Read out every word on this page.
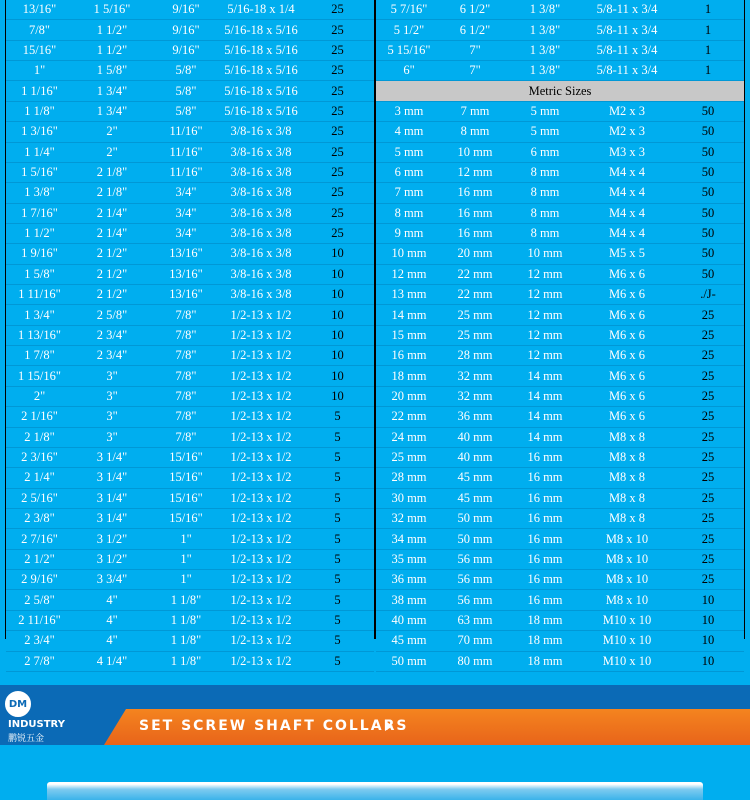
13/16"	1 5/16"	9/16"	5/16-18 x 1/4	25
7/8"	1 1/2"	9/16"	5/16-18 x 5/16	25
15/16"	1 1/2"	9/16"	5/16-18 x 5/16	25
1"	1 5/8"	5/8"	5/16-18 x 5/16	25
1 1/16"	1 3/4"	5/8"	5/16-18 x 5/16	25
1 1/8"	1 3/4"	5/8"	5/16-18 x 5/16	25
1 3/16"	2"	11/16"	3/8-16 x 3/8	25
1 1/4"	2"	11/16"	3/8-16 x 3/8	25
1 5/16"	2 1/8"	11/16"	3/8-16 x 3/8	25
1 3/8"	2 1/8"	3/4"	3/8-16 x 3/8	25
1 7/16"	2 1/4"	3/4"	3/8-16 x 3/8	25
1 1/2"	2 1/4"	3/4"	3/8-16 x 3/8	25
1 9/16"	2 1/2"	13/16"	3/8-16 x 3/8	10
1 5/8"	2 1/2"	13/16"	3/8-16 x 3/8	10
1 11/16"	2 1/2"	13/16"	3/8-16 x 3/8	10
1 3/4"	2 5/8"	7/8"	1/2-13 x 1/2	10
1 13/16"	2 3/4"	7/8"	1/2-13 x 1/2	10
1 7/8"	2 3/4"	7/8"	1/2-13 x 1/2	10
1 15/16"	3"	7/8"	1/2-13 x 1/2	10
2"	3"	7/8"	1/2-13 x 1/2	10
2 1/16"	3"	7/8"	1/2-13 x 1/2	5
2 1/8"	3"	7/8"	1/2-13 x 1/2	5
2 3/16"	3 1/4"	15/16"	1/2-13 x 1/2	5
2 1/4"	3 1/4"	15/16"	1/2-13 x 1/2	5
2 5/16"	3 1/4"	15/16"	1/2-13 x 1/2	5
2 3/8"	3 1/4"	15/16"	1/2-13 x 1/2	5
2 7/16"	3 1/2"	1"	1/2-13 x 1/2	5
2 1/2"	3 1/2"	1"	1/2-13 x 1/2	5
2 9/16"	3 3/4"	1"	1/2-13 x 1/2	5
2 5/8"	4"	1 1/8"	1/2-13 x 1/2	5
2 11/16"	4"	1 1/8"	1/2-13 x 1/2	5
2 3/4"	4"	1 1/8"	1/2-13 x 1/2	5
2 7/8"	4 1/4"	1 1/8"	1/2-13 x 1/2	5
5 7/16"	6 1/2"	1 3/8"	5/8-11 x 3/4	1
5 1/2"	6 1/2"	1 3/8"	5/8-11 x 3/4	1
5 15/16"	7"	1 3/8"	5/8-11 x 3/4	1
6"	7"	1 3/8"	5/8-11 x 3/4	1
Metric Sizes				
3 mm	7 mm	5 mm	M2 x 3	50
4 mm	8 mm	5 mm	M2 x 3	50
5 mm	10 mm	6 mm	M3 x 3	50
6 mm	12 mm	8 mm	M4 x 4	50
7 mm	16 mm	8 mm	M4 x 4	50
8 mm	16 mm	8 mm	M4 x 4	50
9 mm	16 mm	8 mm	M4 x 4	50
10 mm	20 mm	10 mm	M5 x 5	50
12 mm	22 mm	12 mm	M6 x 6	50
13 mm	22 mm	12 mm	M6 x 6	./J-
14 mm	25 mm	12 mm	M6 x 6	25
15 mm	25 mm	12 mm	M6 x 6	25
16 mm	28 mm	12 mm	M6 x 6	25
18 mm	32 mm	14 mm	M6 x 6	25
20 mm	32 mm	14 mm	M6 x 6	25
22 mm	36 mm	14 mm	M6 x 6	25
24 mm	40 mm	14 mm	M8 x 8	25
25 mm	40 mm	16 mm	M8 x 8	25
28 mm	45 mm	16 mm	M8 x 8	25
30 mm	45 mm	16 mm	M8 x 8	25
32 mm	50 mm	16 mm	M8 x 8	25
34 mm	50 mm	16 mm	M8 x 10	25
35 mm	56 mm	16 mm	M8 x 10	25
36 mm	56 mm	16 mm	M8 x 10	25
38 mm	56 mm	16 mm	M8 x 10	10
40 mm	63 mm	18 mm	M10 x 10	10
45 mm	70 mm	18 mm	M10 x 10	10
50 mm	80 mm	18 mm	M10 x 10	10
DM
INDUSTRY
鹏锐五金
SET SCREW SHAFT COLLARS
